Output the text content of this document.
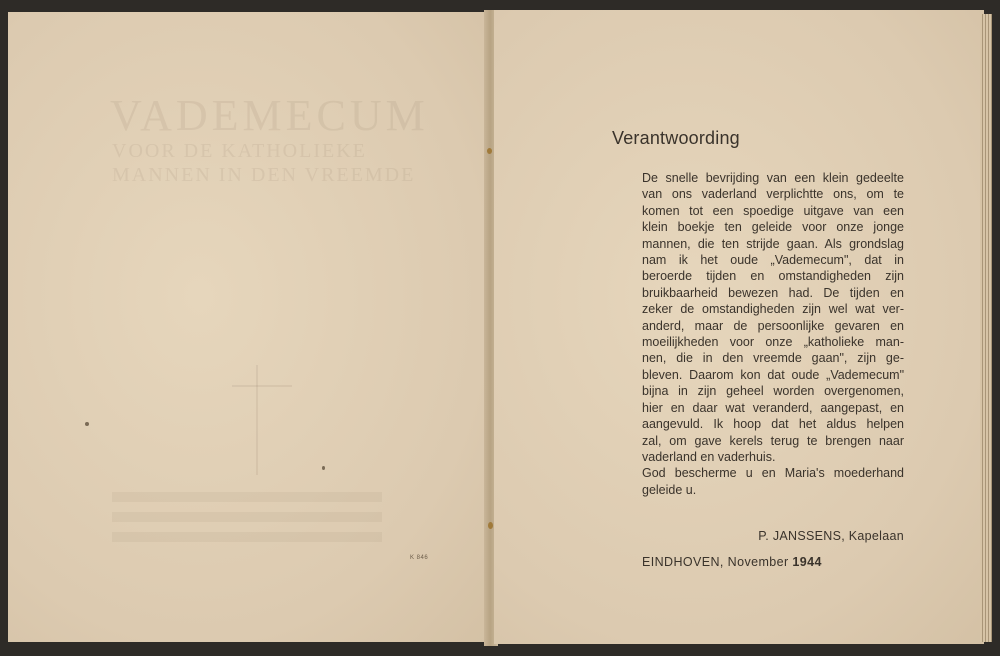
VADEMECUM
VOOR DE KATHOLIEKE
MANNEN IN DEN VREEMDE
K 846
Verantwoording
De snelle bevrijding van een klein gedeelte
van ons vaderland verplichtte ons, om te
komen tot een spoedige uitgave van een
klein boekje ten geleide voor onze jonge
mannen, die ten strijde gaan. Als grondslag
nam ik het oude „Vademecum", dat in
beroerde tijden en omstandigheden zijn
bruikbaarheid bewezen had. De tijden en
zeker de omstandigheden zijn wel wat ver-
anderd, maar de persoonlijke gevaren en
moeilijkheden voor onze „katholieke man-
nen, die in den vreemde gaan", zijn ge-
bleven. Daarom kon dat oude „Vademecum"
bijna in zijn geheel worden overgenomen,
hier en daar wat veranderd, aangepast, en
aangevuld. Ik hoop dat het aldus helpen
zal, om gave kerels terug te brengen naar
vaderland en vaderhuis.
God bescherme u en Maria's moederhand
geleide u.
P. JANSSENS, Kapelaan
EINDHOVEN, November 1944
